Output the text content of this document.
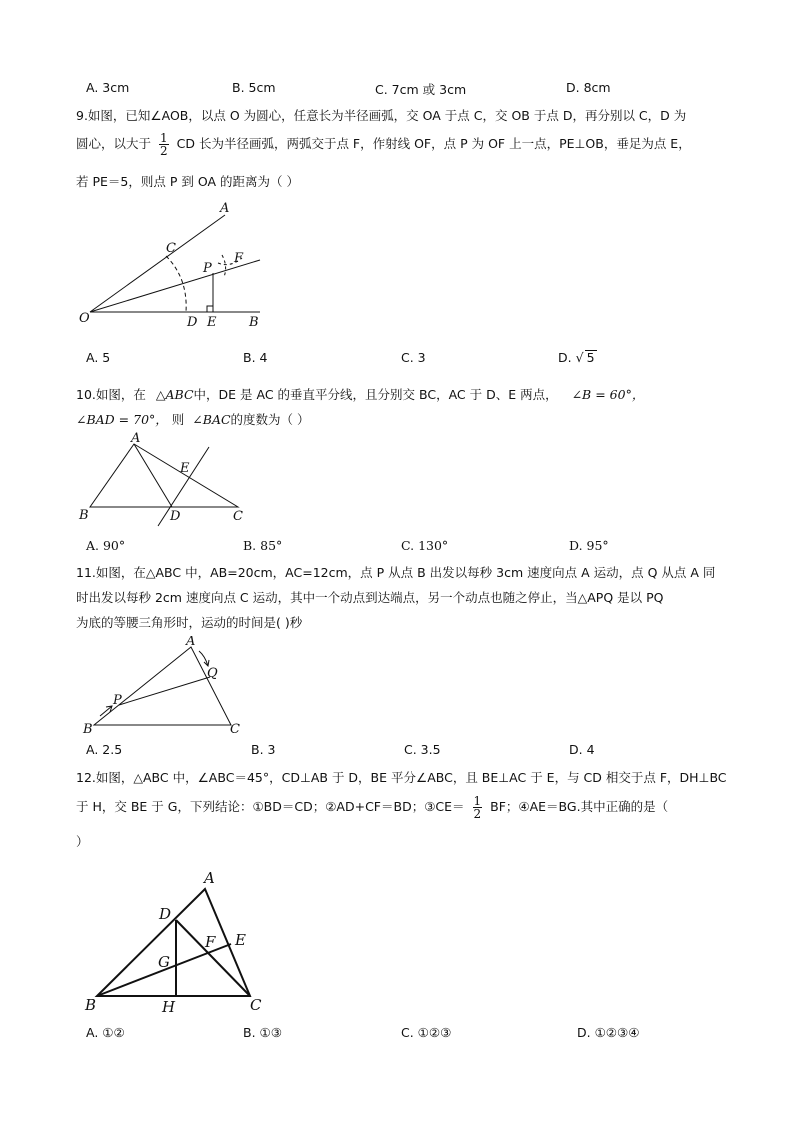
A. 3cm	B. 5cm	C. 7cm 或 3cm	D. 8cm
9.如图，已知∠AOB，以点 O 为圆心，任意长为半径画弧，交 OA 于点 C，交 OB 于点 D，再分别以 C，D 为
圆心，以大于 $\frac{1}{2}$ CD 长为半径画弧，两弧交于点 F，作射线 OF，点 P 为 OF 上一点，PE⊥OB，垂足为点 E，
若 PE＝5，则点 P 到 OA 的距离为（ ）
A
C
P
F
O	D E	B
A. 5	B. 4	C. 3	D. √ 5
10.如图，在 △ABC中，DE 是 AC 的垂直平分线，且分别交 BC，AC 于 D、E 两点， ∠B = 60°，
∠BAD = 70°， 则 ∠BAC的度数为（ ）
A
E
B	D	C
A. 90°	B. 85°	C. 130°	D. 95°
11.如图，在△ABC 中，AB=20cm，AC=12cm，点 P 从点 B 出发以每秒 3cm 速度向点 A 运动，点 Q 从点 A 同
时出发以每秒 2cm 速度向点 C 运动，其中一个动点到达端点，另一个动点也随之停止，当△APQ 是以 PQ
为底的等腰三角形时，运动的时间是( )秒
A
Q
P
B	C
A. 2.5	B. 3	C. 3.5	D. 4
12.如图，△ABC 中，∠ABC＝45°，CD⊥AB 于 D，BE 平分∠ABC，且 BE⊥AC 于 E，与 CD 相交于点 F，DH⊥BC
于 H，交 BE 于 G，下列结论：①BD＝CD；②AD+CF＝BD；③CE＝ $\frac{1}{2}$ BF；④AE＝BG.其中正确的是（
）
A
D
F E
G
B	H	C
A. ①②	B. ①③	C. ①②③	D. ①②③④
